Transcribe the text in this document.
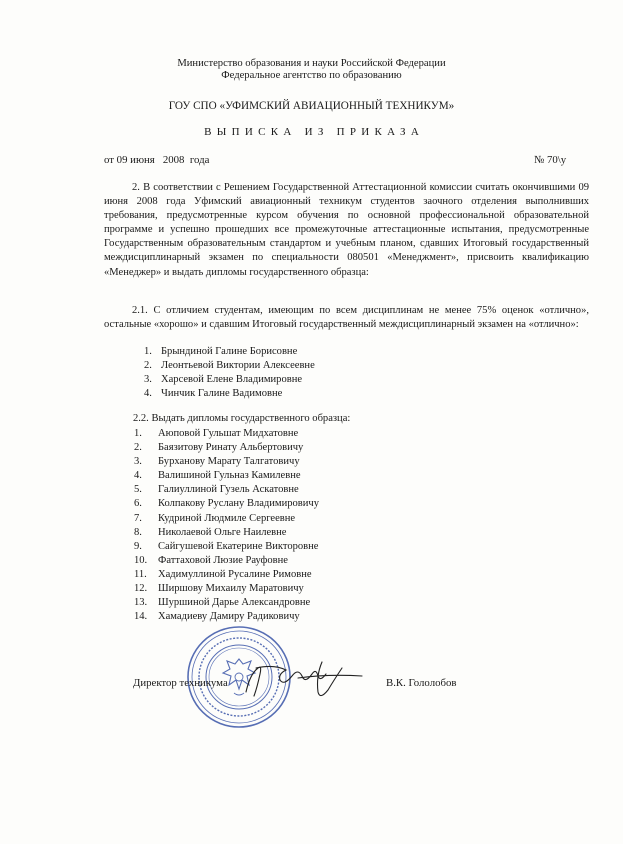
Министерство образования и науки Российской Федерации
Федеральное агентство по образованию
ГОУ СПО «УФИМСКИЙ АВИАЦИОННЫЙ ТЕХНИКУМ»
ВЫПИСКА ИЗ ПРИКАЗА
от 09 июня   2008  года	№ 70\у

2. В соответствии с Решением Государственной Аттестационной комиссии считать окончившими 09 июня 2008 года Уфимский авиационный техникум студентов заочного отделения выполнивших требования, предусмотренные курсом обучения по основной профессиональной образовательной программе и успешно прошедших все промежуточные аттестационные испытания, предусмотренные Государственным образовательным стандартом и учебным планом, сдавших Итоговый государственный междисциплинарный экзамен по специальности 080501 «Менеджмент», присвоить квалификацию «Менеджер» и выдать дипломы государственного образца:

2.1. С отличием студентам, имеющим по всем дисциплинам не менее 75% оценок «отлично», остальные «хорошо» и сдавшим Итоговый государственный междисциплинарный экзамен на «отлично»:

1. Брындиной Галине Борисовне
2. Леонтьевой Виктории Алексеевне
3. Харсевой Елене Владимировне
4. Чинчик Галине Вадимовне
2.2. Выдать дипломы государственного образца:
1. Аюповой Гульшат Мидхатовне
2. Баязитову Ринату Альбертовичу
3. Бурханову Марату Талгатовичу
4. Валишиной Гульназ Камилевне
5. Галиуллиной Гузель Аскатовне
6. Колпакову Руслану Владимировичу
7. Кудриной Людмиле Сергеевне
8. Николаевой Ольге Наилевне
9. Сайгушевой Екатерине Викторовне
10. Фаттаховой Люзие Рауфовне
11. Хадимуллиной Русалине Римовне
12. Ширшову Михаилу Маратовичу
13. Шуршиной Дарье Александровне
14. Хамадиеву Дамиру Радиковичу
Директор техникума	В.К. Гололобов
